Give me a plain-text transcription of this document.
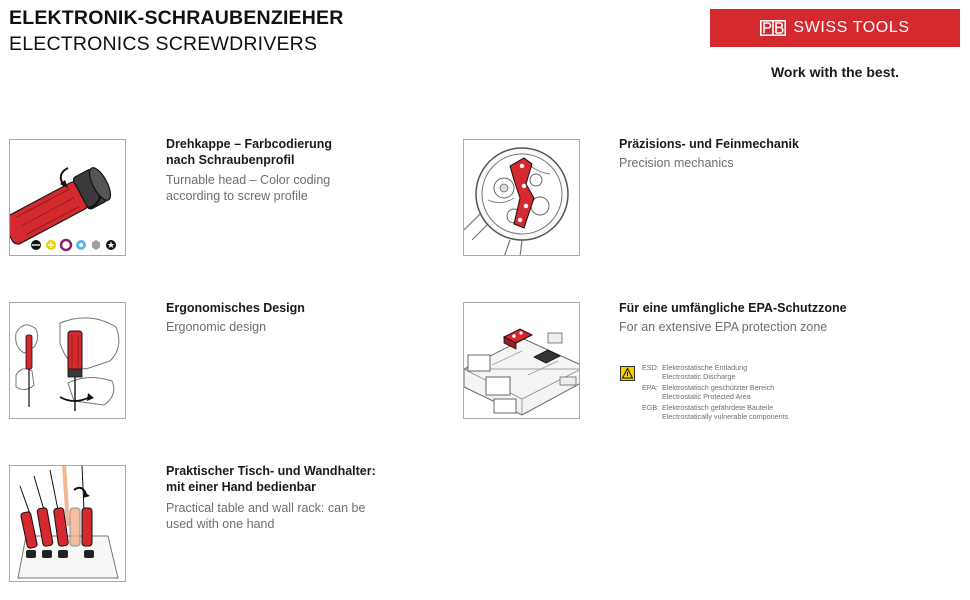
ELEKTRONIK-SCHRAUBENZIEHER
ELECTRONICS SCREWDRIVERS
SWISS TOOLS
Work with the best.
Drehkappe – Farbcodierung
nach Schraubenprofil
Turnable head – Color coding
according to screw profile
Präzisions- und Feinmechanik
Precision mechanics
Ergonomisches Design
Ergonomic design
Für eine umfängliche EPA-Schutzzone
For an extensive EPA protection zone
ESD: Elektrostatische Entladung
Electrostatic Discharge
EPA: Elektrostatisch geschützter Bereich
Electrostatic Protected Area
EGB: Elektrostatisch gefährdete Bauteile
Electrostatically vulnerable components
Praktischer Tisch- und Wandhalter:
mit einer Hand bedienbar
Practical table and wall rack: can be
used with one hand
